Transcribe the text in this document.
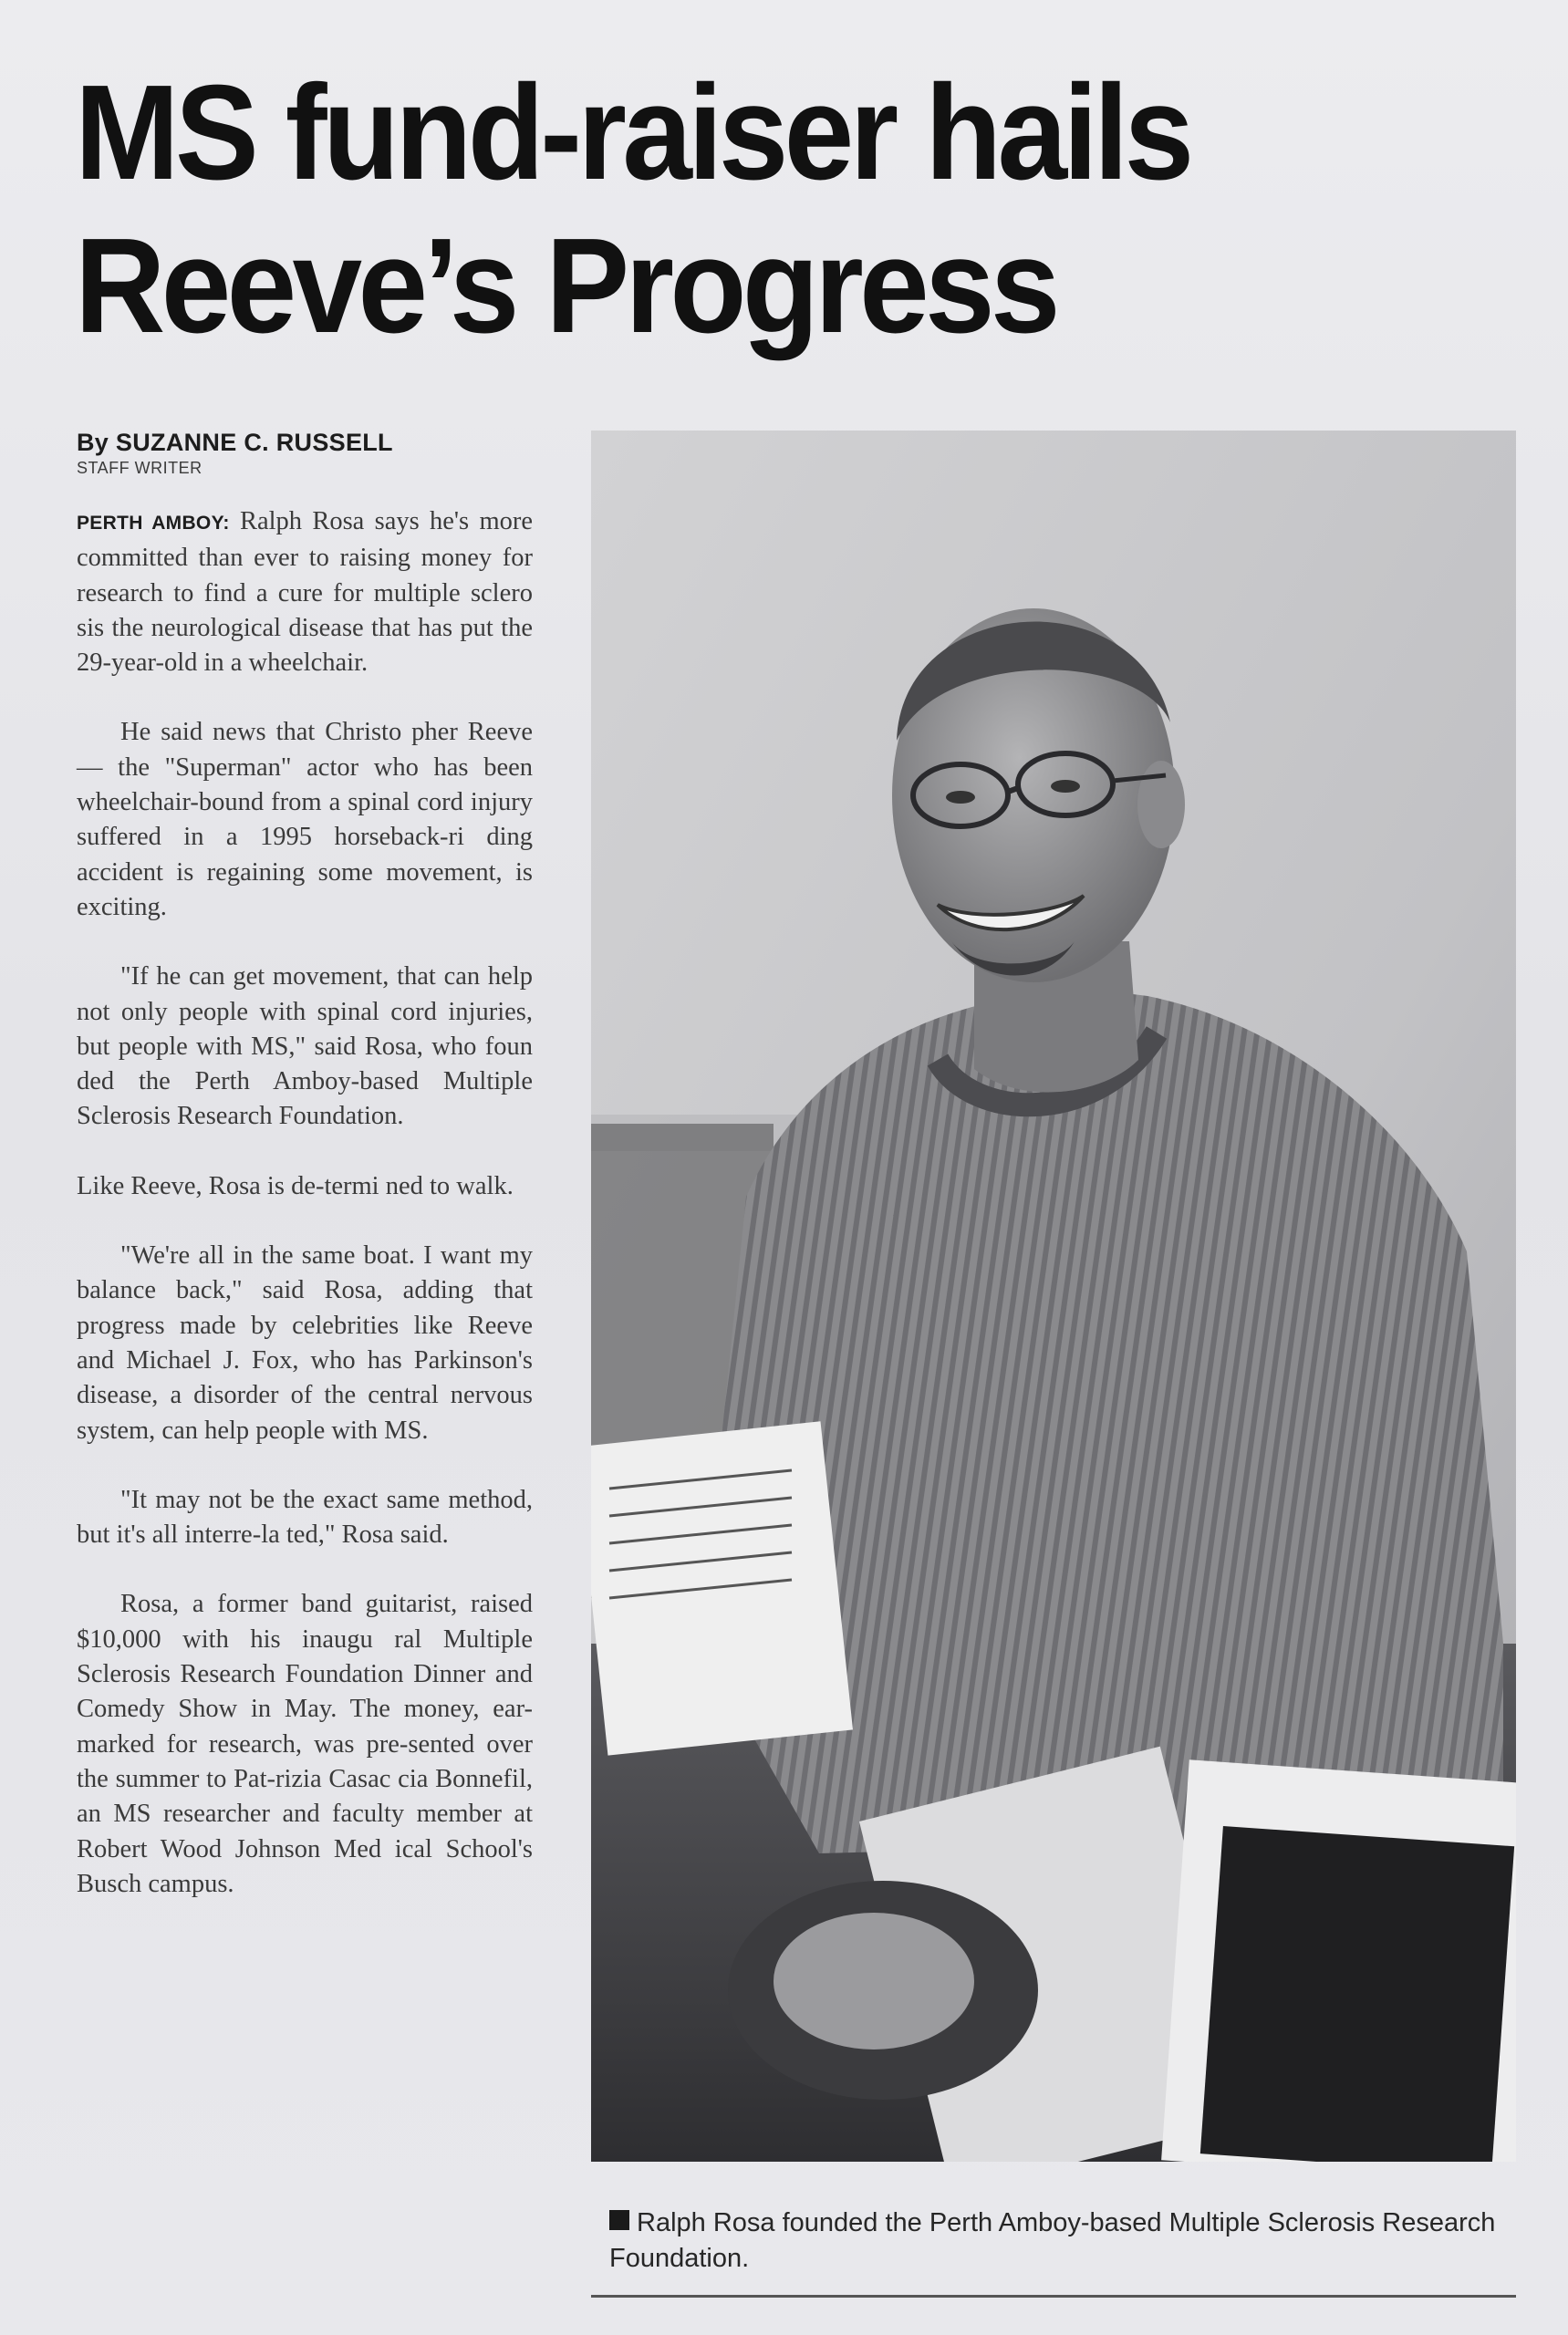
MS fund-raiser hails
Reeve’s Progress
By SUZANNE C. RUSSELL
STAFF WRITER

PERTH AMBOY: Ralph Rosa says he's more committed than ever to raising money for research to find a cure for multiple sclero sis the neurological disease that has put the 29-year-old in a wheelchair.

He said news that Christo pher Reeve — the "Superman" actor who has been wheelchair-bound from a spinal cord injury suffered in a 1995 horseback-ri ding accident is regaining some movement, is exciting.

"If he can get movement, that can help not only people with spinal cord injuries, but people with MS," said Rosa, who foun ded the Perth Amboy-based Multiple Sclerosis Research Foundation.

Like Reeve, Rosa is de-termi ned to walk.

"We're all in the same boat. I want my balance back," said Rosa, adding that progress made by celebrities like Reeve and Michael J. Fox, who has Parkinson's disease, a disorder of the central nervous system, can help people with MS.

"It may not be the exact same method, but it's all interre-la ted," Rosa said.

Rosa, a former band guitarist, raised $10,000 with his inaugu ral Multiple Sclerosis Research Foundation Dinner and Comedy Show in May. The money, ear-marked for research, was pre-sented over the summer to Pat-rizia Casac cia Bonnefil, an MS researcher and faculty member at Robert Wood Johnson Med ical School's Busch campus.

Ralph Rosa founded the Perth Amboy-based Multiple Sclerosis Research Foundation.
